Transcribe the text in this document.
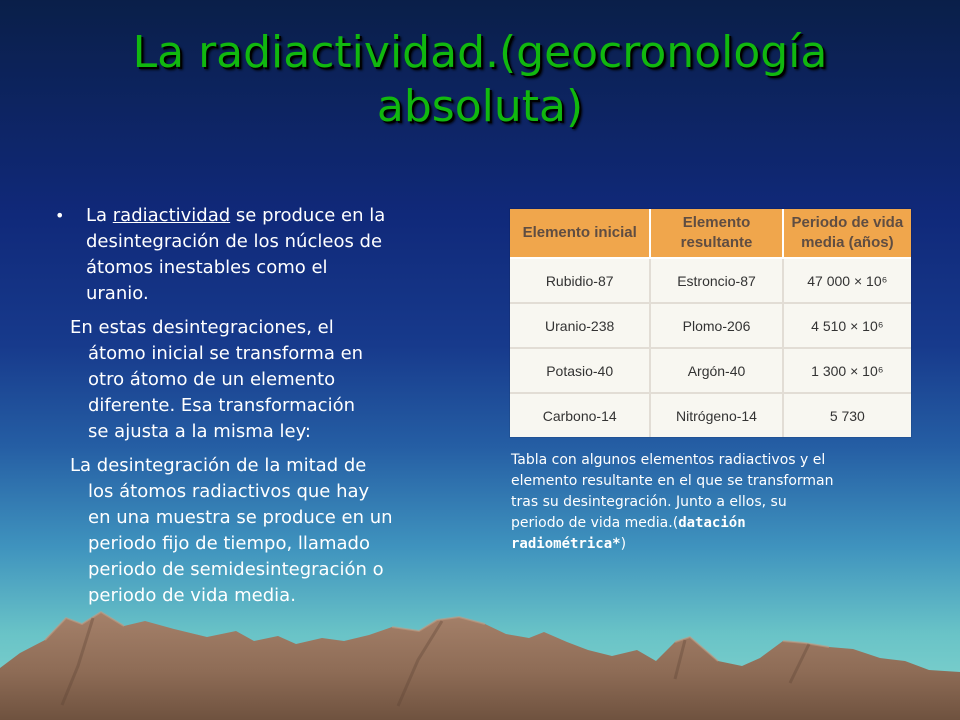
La radiactividad.(geocronología absoluta)
•	La radiactividad se produce en la
desintegración de los núcleos de
átomos inestables como el
uranio.
En estas desintegraciones, el
átomo inicial se transforma en
otro átomo de un elemento
diferente. Esa transformación
se ajusta a la misma ley:
La desintegración de la mitad de
los átomos radiactivos que hay
en una muestra se produce en un
periodo fijo de tiempo, llamado
periodo de semidesintegración o
periodo de vida media.
Elemento inicial	Elemento resultante	Periodo de vida media (años)
Rubidio-87	Estroncio-87	47 000 × 10⁶
Uranio-238	Plomo-206	4 510 × 10⁶
Potasio-40	Argón-40	1 300 × 10⁶
Carbono-14	Nitrógeno-14	5 730
Tabla con algunos elementos radiactivos y el
elemento resultante en el que se transforman
tras su desintegración. Junto a ellos, su
periodo de vida media.(datación
radiométrica*)
